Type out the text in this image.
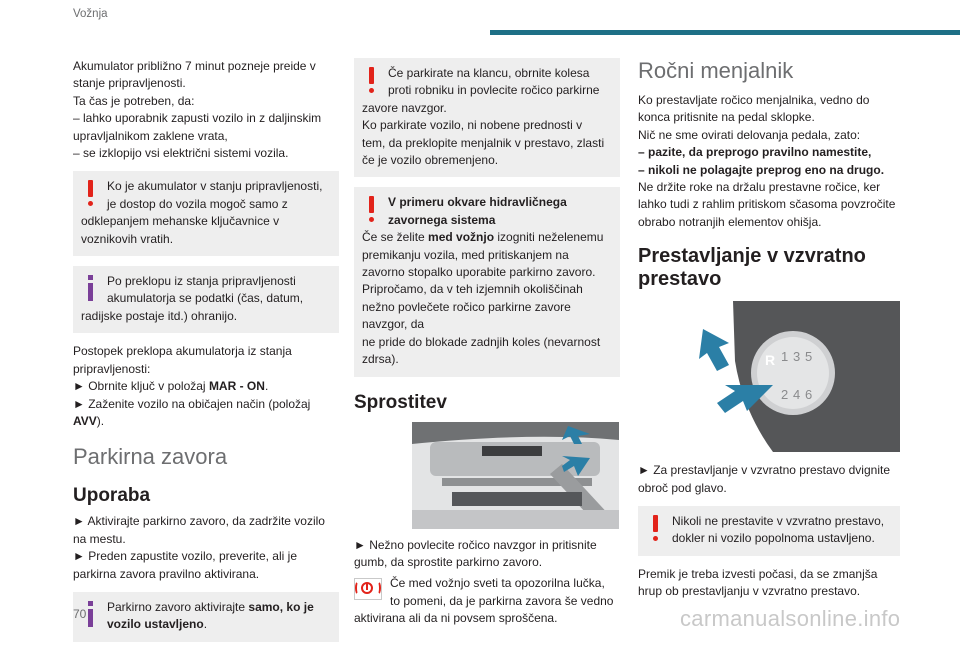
Vožnja

Akumulator približno 7 minut pozneje preide v
stanje pripravljenosti.
Ta čas je potreben, da:
– lahko uporabnik zapusti vozilo in z daljinskim
upravljalnikom zaklene vrata,
– se izklopijo vsi električni sistemi vozila.

Ko je akumulator v stanju pripravljenosti,
je dostop do vozila mogoč samo z
odklepanjem mehanske ključavnice v
voznikovih vratih.
Po preklopu iz stanja pripravljenosti
akumulatorja se podatki (čas, datum,
radijske postaje itd.) ohranijo.

Postopek preklopa akumulatorja iz stanja
pripravljenosti:
► Obrnite ključ v položaj MAR - ON.
► Zaženite vozilo na običajen način (položaj
AVV).

Parkirna zavora
Uporaba

► Aktivirajte parkirno zavoro, da zadržite vozilo
na mestu.
► Preden zapustite vozilo, preverite, ali je
parkirna zavora pravilno aktivirana.

Parkirno zavoro aktivirajte samo, ko je
vozilo ustavljeno.
Če parkirate na klancu, obrnite kolesa
proti robniku in povlecite ročico parkirne
zavore navzgor.
Ko parkirate vozilo, ni nobene prednosti v
tem, da preklopite menjalnik v prestavo, zlasti
če je vozilo obremenjeno.
V primeru okvare hidravličnega
zavornega sistema
Če se želite med vožnjo izogniti neželenemu
premikanju vozila, med pritiskanjem na
zavorno stopalko uporabite parkirno zavoro.
Pripročamo, da v teh izjemnih okoliščinah
nežno povlečete ročico parkirne zavore navzgor, da
ne pride do blokade zadnjih koles (nevarnost
zdrsa).
Sprostitev

► Nežno povlecite ročico navzgor in pritisnite
gumb, da sprostite parkirno zavoro.

Če med vožnjo sveti ta opozorilna lučka,
to pomeni, da je parkirna zavora še vedno
aktivirana ali da ni povsem sproščena.
Ročni menjalnik

Ko prestavljate ročico menjalnika, vedno do
konca pritisnite na pedal sklopke.
Nič ne sme ovirati delovanja pedala, zato:
– pazite, da preprogo pravilno namestite,
– nikoli ne polagajte preprog eno na drugo.
Ne držite roke na držalu prestavne ročice, ker
lahko tudi z rahlim pritiskom sčasoma povzročite
obrabo notranjih elementov ohišja.

Prestavljanje v vzvratno
prestavo
R 1 3 5
2 4 6

► Za prestavljanje v vzvratno prestavo dvignite
obroč pod glavo.

Nikoli ne prestavite v vzvratno prestavo,
dokler ni vozilo popolnoma ustavljeno.

Premik je treba izvesti počasi, da se zmanjša
hrup ob prestavljanju v vzvratno prestavo.

70	carmanualsonline.info
